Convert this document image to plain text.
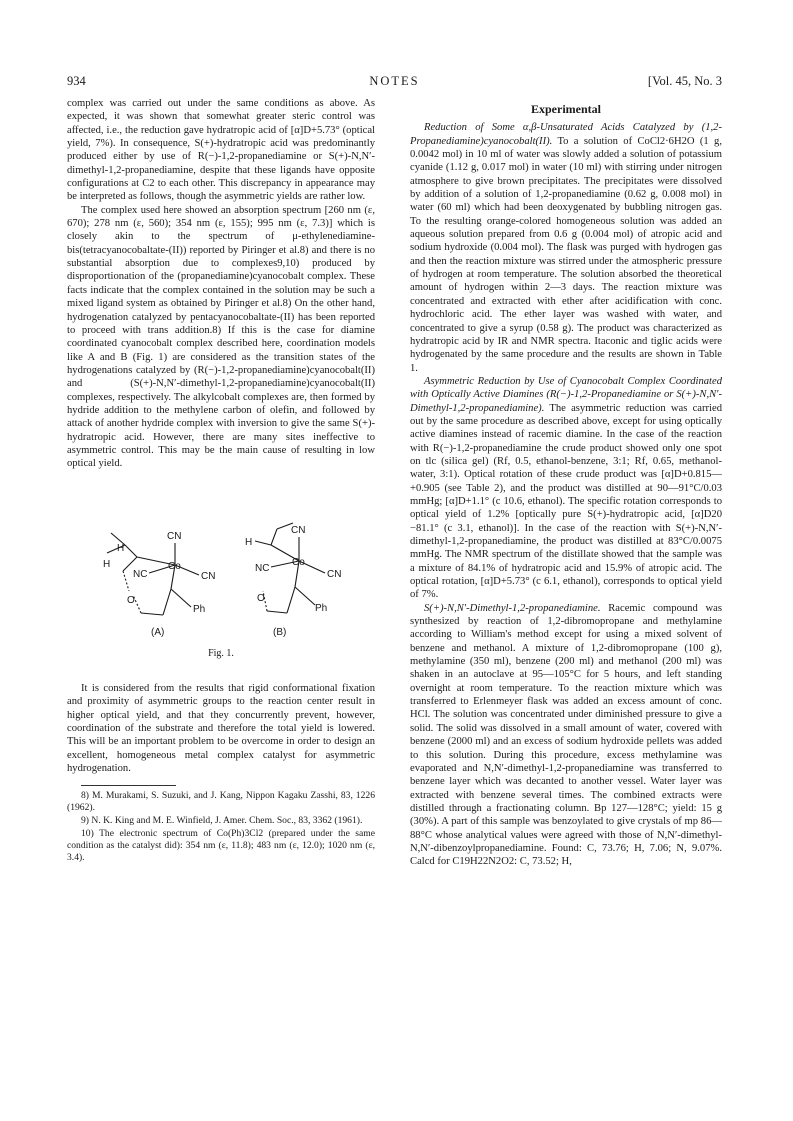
934	NOTES	[Vol. 45, No. 3

complex was carried out under the same conditions as above. As expected, it was shown that somewhat greater steric control was affected, i.e., the reduction gave hydratropic acid of [α]D+5.73° (optical yield, 7%). In consequence, S(+)-hydratropic acid was predominantly produced either by use of R(−)-1,2-propanediamine or S(+)-N,N′-dimethyl-1,2-propanediamine, despite that these ligands have opposite configurations at C2 to each other. This discrepancy in appearance may be interpreted as follows, though the asymmetric yields are rather low.

The complex used here showed an absorption spectrum [260 nm (ε, 670); 278 nm (ε, 560); 354 nm (ε, 155); 995 nm (ε, 7.3)] which is closely akin to the spectrum of μ-ethylenediamine-bis(tetracyanocobaltate-(II)) reported by Piringer et al.8) and there is no substantial absorption due to complexes9,10) produced by disproportionation of the (propanediamine)cyanocobalt complex. These facts indicate that the complex contained in the solution may be such a mixed ligand system as obtained by Piringer et al.8) On the other hand, hydrogenation catalyzed by pentacyanocobaltate-(II) has been reported to proceed with trans addition.8) If this is the case for diamine coordinated cyanocobalt complex described here, coordination models like A and B (Fig. 1) are considered as the transition states of the hydrogenations catalyzed by (R(−)-1,2-propanediamine)cyanocobalt(II) and (S(+)-N,N′-dimethyl-1,2-propanediamine)cyanocobalt(II) complexes, respectively. The alkylcobalt complexes are, then formed by hydride addition to the methylene carbon of olefin, and followed by attack of another hydride complex with inversion to give the same S(+)-hydratropic acid. However, there are many sites ineffective to asymmetric control. This may be the main cause of resulting in low optical yield.

CN
NC
Co
CN
Ph
H
H
O
(A)
CN
NC
Co
CN
Ph
H
O
(B)
Fig. 1.

It is considered from the results that rigid conformational fixation and proximity of asymmetric groups to the reaction center result in higher optical yield, and that they concurrently prevent, however, coordination of the substrate and therefore the total yield is lowered. This will be an important problem to be overcome in order to design an excellent, homogeneous metal complex catalyst for asymmetric hydrogenation.

8) M. Murakami, S. Suzuki, and J. Kang, Nippon Kagaku Zasshi, 83, 1226 (1962).

9) N. K. King and M. E. Winfield, J. Amer. Chem. Soc., 83, 3362 (1961).

10) The electronic spectrum of Co(Ph)3Cl2 (prepared under the same condition as the catalyst did): 354 nm (ε, 11.8); 483 nm (ε, 12.0); 1020 nm (ε, 3.4).

Experimental

Reduction of Some α,β-Unsaturated Acids Catalyzed by (1,2-Propanediamine)cyanocobalt(II). To a solution of CoCl2·6H2O (1 g, 0.0042 mol) in 10 ml of water was slowly added a solution of potassium cyanide (1.12 g, 0.017 mol) in water (10 ml) with stirring under nitrogen atmosphere to give brown precipitates. The precipitates were dissolved by addition of a solution of 1,2-propanediamine (0.62 g, 0.008 mol) in water (60 ml) which had been deoxygenated by bubbling nitrogen gas. To the resulting orange-colored homogeneous solution was added an aqueous solution prepared from 0.6 g (0.004 mol) of atropic acid and sodium hydroxide (0.004 mol). The flask was purged with hydrogen gas and then the reaction mixture was stirred under the atmospheric pressure of hydrogen at room temperature. The solution absorbed the theoretical amount of hydrogen within 2—3 days. The reaction mixture was concentrated and extracted with ether after acidification with conc. hydrochloric acid. The ether layer was washed with water, and concentrated to give a syrup (0.58 g). The product was characterized as hydratropic acid by IR and NMR spectra. Itaconic and tiglic acids were hydrogenated by the same procedure and the results are shown in Table 1.

Asymmetric Reduction by Use of Cyanocobalt Complex Coordinated with Optically Active Diamines (R(−)-1,2-Propanediamine or S(+)-N,N′-Dimethyl-1,2-propanediamine). The asymmetric reduction was carried out by the same procedure as described above, except for using optically active diamines instead of racemic diamine. In the case of the reaction with R(−)-1,2-propanediamine the crude product showed only one spot on tlc (silica gel) (Rf, 0.5, ethanol-benzene, 3:1; Rf, 0.65, methanol-water, 3:1). Optical rotation of these crude product was [α]D+0.815—+0.905 (see Table 2), and the product was distilled at 90—91°C/0.03 mmHg; [α]D+1.1° (c 10.6, ethanol). The specific rotation corresponds to optical yield of 1.2% [optically pure S(+)-hydratropic acid, [α]D20 −81.1° (c 3.1, ethanol)]. In the case of the reaction with S(+)-N,N′-dimethyl-1,2-propanediamine, the product was distilled at 83°C/0.0075 mmHg. The NMR spectrum of the distillate showed that the sample was a mixture of 84.1% of hydratropic acid and 15.9% of atropic acid. The optical rotation, [α]D+5.73° (c 6.1, ethanol), corresponds to optical yield of 7%.

S(+)-N,N′-Dimethyl-1,2-propanediamine. Racemic compound was synthesized by reaction of 1,2-dibromopropane and methylamine according to William's method except for using a mixed solvent of benzene and methanol. A mixture of 1,2-dibromopropane (100 g), methylamine (350 ml), benzene (200 ml) and methanol (200 ml) was shaken in an autoclave at 95—105°C for 5 hours, and left standing overnight at room temperature. To the reaction mixture which was transferred to Erlenmeyer flask was added an excess amount of conc. HCl. The solution was concentrated under diminished pressure to give a solid. The solid was dissolved in a small amount of water, covered with benzene (2000 ml) and an excess of sodium hydroxide pellets was added to this solution. During this procedure, excess methylamine was evaporated and N,N′-dimethyl-1,2-propanediamine was transferred to benzene layer which was decanted to another vessel. Water layer was extracted with benzene several times. The combined extracts were distilled through a fractionating column. Bp 127—128°C; yield: 15 g (30%). A part of this sample was benzoylated to give crystals of mp 86—88°C whose analytical values were agreed with those of N,N′-dimethyl-N,N′-dibenzoylpropanediamine. Found: C, 73.76; H, 7.06; N, 9.07%. Calcd for C19H22N2O2: C, 73.52; H,
